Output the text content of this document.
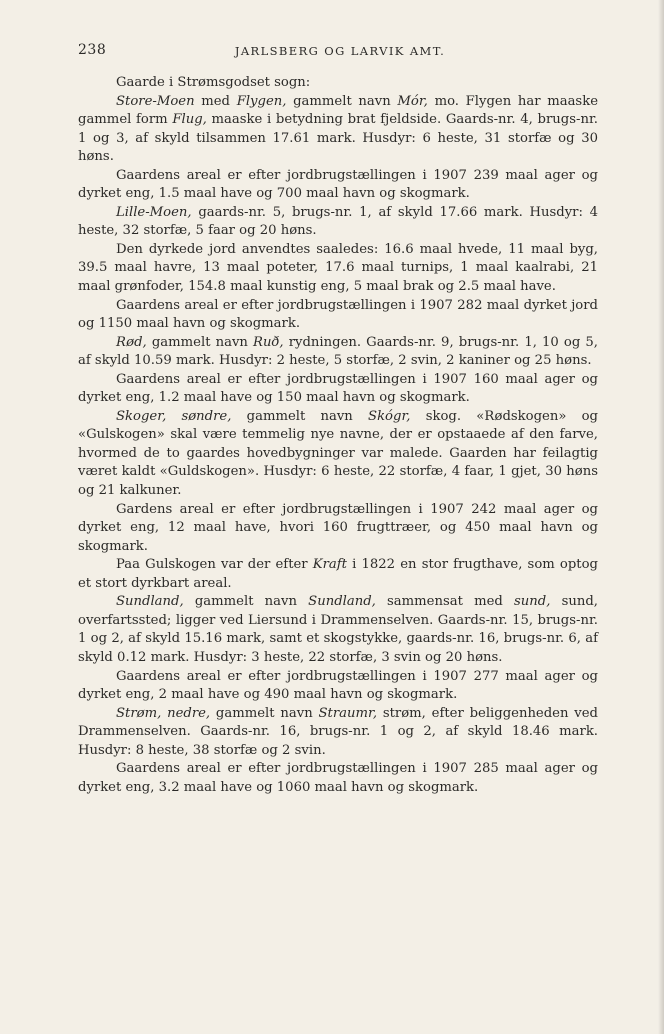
238	JARLSBERG OG LARVIK AMT.

Gaarde i Strømsgodset sogn:

Store-Moen med Flygen, gammelt navn Mór, mo. Flygen har maaske gammel form Flug, maaske i betydning brat fjeldside. Gaards-nr. 4, brugs-nr. 1 og 3, af skyld tilsammen 17.61 mark. Husdyr: 6 heste, 31 storfæ og 30 høns.

Gaardens areal er efter jordbrugstællingen i 1907 239 maal ager og dyrket eng, 1.5 maal have og 700 maal havn og skogmark.

Lille-Moen, gaards-nr. 5, brugs-nr. 1, af skyld 17.66 mark. Husdyr: 4 heste, 32 storfæ, 5 faar og 20 høns.

Den dyrkede jord anvendtes saaledes: 16.6 maal hvede, 11 maal byg, 39.5 maal havre, 13 maal poteter, 17.6 maal turnips, 1 maal kaalrabi, 21 maal grønfoder, 154.8 maal kunstig eng, 5 maal brak og 2.5 maal have.

Gaardens areal er efter jordbrugstællingen i 1907 282 maal dyrket jord og 1150 maal havn og skogmark.

Rød, gammelt navn Ruð, rydningen. Gaards-nr. 9, brugs-nr. 1, 10 og 5, af skyld 10.59 mark. Husdyr: 2 heste, 5 storfæ, 2 svin, 2 kaniner og 25 høns.

Gaardens areal er efter jordbrugstællingen i 1907 160 maal ager og dyrket eng, 1.2 maal have og 150 maal havn og skogmark.

Skoger, søndre, gammelt navn Skógr, skog. «Rødskogen» og «Gulskogen» skal være temmelig nye navne, der er opstaaede af den farve, hvormed de to gaardes hovedbygninger var malede. Gaarden har feilagtig været kaldt «Guldskogen». Husdyr: 6 heste, 22 storfæ, 4 faar, 1 gjet, 30 høns og 21 kalkuner.

Gardens areal er efter jordbrugstællingen i 1907 242 maal ager og dyrket eng, 12 maal have, hvori 160 frugttræer, og 450 maal havn og skogmark.

Paa Gulskogen var der efter Kraft i 1822 en stor frugthave, som optog et stort dyrkbart areal.

Sundland, gammelt navn Sundland, sammensat med sund, sund, overfartssted; ligger ved Liersund i Drammenselven. Gaards-nr. 15, brugs-nr. 1 og 2, af skyld 15.16 mark, samt et skogstykke, gaards-nr. 16, brugs-nr. 6, af skyld 0.12 mark. Husdyr: 3 heste, 22 storfæ, 3 svin og 20 høns.

Gaardens areal er efter jordbrugstællingen i 1907 277 maal ager og dyrket eng, 2 maal have og 490 maal havn og skogmark.

Strøm, nedre, gammelt navn Straumr, strøm, efter beliggenheden ved Drammenselven. Gaards-nr. 16, brugs-nr. 1 og 2, af skyld 18.46 mark. Husdyr: 8 heste, 38 storfæ og 2 svin.

Gaardens areal er efter jordbrugstællingen i 1907 285 maal ager og dyrket eng, 3.2 maal have og 1060 maal havn og skogmark.
